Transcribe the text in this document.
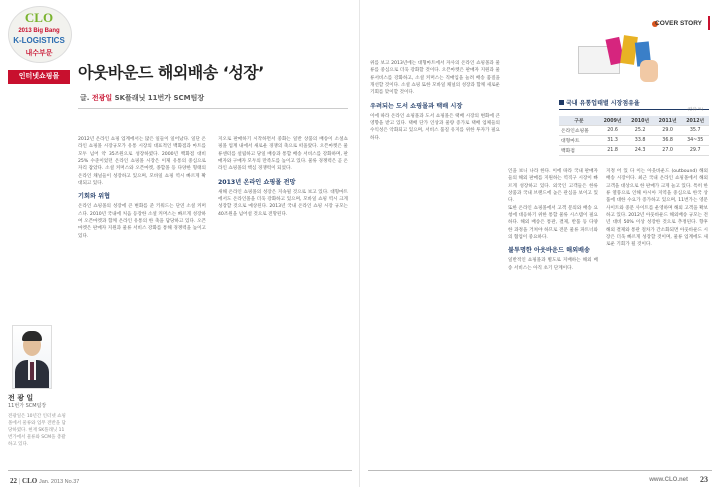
CLO
2013 Big Bang
K-LOGISTICS
내수부문
인터넷쇼핑몰	아웃바운드 해외배송 ‘성장’
글. 전광일 SK플래닛 11번가 SCM팀장
전 광 일
11번가 SCM팀장
전광일은 10년간 인터넷 쇼핑몰에서 물류와 업무 전반을 담당하였다. 현재 SK플래닛 11번가에서 물류와 SCM을 총괄하고 있다.

2012년 온라인 쇼핑 업계에서는 많은 일들이 일어났다. 일단 온라인 쇼핑몰 시장규모가 유통 시장의 대표적인 백화점과 마트를 모두 넘어 약 35조원으로 성장하였다. 2000년 백화점 대비 25% 수준이었던 온라인 쇼핑몰 시장은 이제 유통의 중심으로 자리 잡았다. 소셜 커머스와 오픈마켓, 종합몰 등 다양한 형태의 온라인 채널들이 성장하고 있으며, 모바일 쇼핑 역시 빠르게 확대되고 있다.

기회와 위협

온라인 쇼핑몰의 성장에 큰 변화를 준 키워드는 단연 소셜 커머스다. 2010년 국내에 처음 등장한 소셜 커머스는 빠르게 성장하여 오픈마켓과 함께 온라인 유통의 한 축을 담당하고 있다. 오픈마켓은 판매자 지원과 물류 서비스 강화를 통해 경쟁력을 높이고 있다.

지오로 판매하기 시작하면서 중화는 일반 상품의 배송이 소셜쇼핑몰 업계 내에서 새로운 경쟁의 축으로 떠올랐다. 오픈마켓은 물류센터를 설립하고 당일 배송과 통합 배송 서비스를 강화하며, 판매자와 구매자 모두의 만족도를 높이고 있다. 물류 경쟁력은 곧 온라인 쇼핑몰의 핵심 경쟁력이 되었다.

2013년 온라인 쇼핑몰 전망

새해 온라인 쇼핑몰의 성장은 지속될 것으로 보고 있다. 대형마트에서도 온라인몰을 더욱 강화하고 있으며, 모바일 쇼핑 역시 크게 성장할 것으로 예상된다. 2013년 국내 온라인 쇼핑 시장 규모는 40조원을 넘어설 것으로 전망된다.

22 | CLO Jan. 2013 No.37
COVER STORY

위를 보고 2013년에는 대형마트에서 자사의 온라인 쇼핑몰과 물류를 중심으로 더욱 강화할 것이다. 오픈마켓은 판매자 지원과 물류서비스를 강화하고, 소셜 커머스는 직매입을 늘려 배송 품질을 개선할 것이다. 소셜 쇼핑 또한 모바일 채널의 성장과 함께 새로운 기회를 맞이할 것이다.

우려되는 도서 쇼핑몰과 택배 시장

이에 따라 온라인 쇼핑몰과 도서 쇼핑몰은 택배 시장의 변화에 큰 영향을 받고 있다. 택배 단가 인상과 물량 증가로 택배 업체들의 수익성은 악화되고 있으며, 서비스 품질 유지를 위한 투자가 필요하다.

국내 유통업태별 시장점유율
(단위: %)
구분	2009년	2010년	2011년	2012년
온라인쇼핑몰	20.6	25.2	29.0	35.7
대형마트	31.3	33.8	36.8	34~35
백화점	21.8	24.3	27.0	29.7

인을 보니 나라 한다. 이에 따라 국내 판매자들의 해외 판매를 지원하는 역직구 시장이 빠르게 성장하고 있다. 외국인 고객들은 한류 상품과 국내 브랜드에 높은 관심을 보이고 있다.

또한 온라인 쇼핑몰에서 고객 문의와 배송 요청에 대응하기 위한 통합 물류 시스템이 필요하다. 해외 배송은 통관, 결제, 반품 등 다양한 과정을 거쳐야 하므로 전문 물류 파트너와의 협업이 중요하다.

불투명한 아웃바운드 해외배송

일반적인 쇼핑몰과 별도로 지배하는 해외 배송 서비스는 아직 초기 단계이다.

지정 어 있 다 이는 아웃바운드 (outbound) 해외배송 시장이다. 최근 국내 온라인 쇼핑몰에서 해외 고객을 대상으로 한 판매가 크게 늘고 있다. 특히 한류 열풍으로 인해 아시아 지역을 중심으로 한국 상품에 대한 수요가 증가하고 있으며, 11번가는 영문 사이트와 중문 사이트를 운영하며 해외 고객을 확보하고 있다. 2012년 아웃바운드 해외배송 규모는 전년 대비 50% 이상 성장한 것으로 추정된다. 향후 해외 결제와 통관 절차가 간소화되면 아웃바운드 시장은 더욱 빠르게 성장할 것이며, 물류 업계에도 새로운 기회가 될 것이다.

www.CLO.net 23
